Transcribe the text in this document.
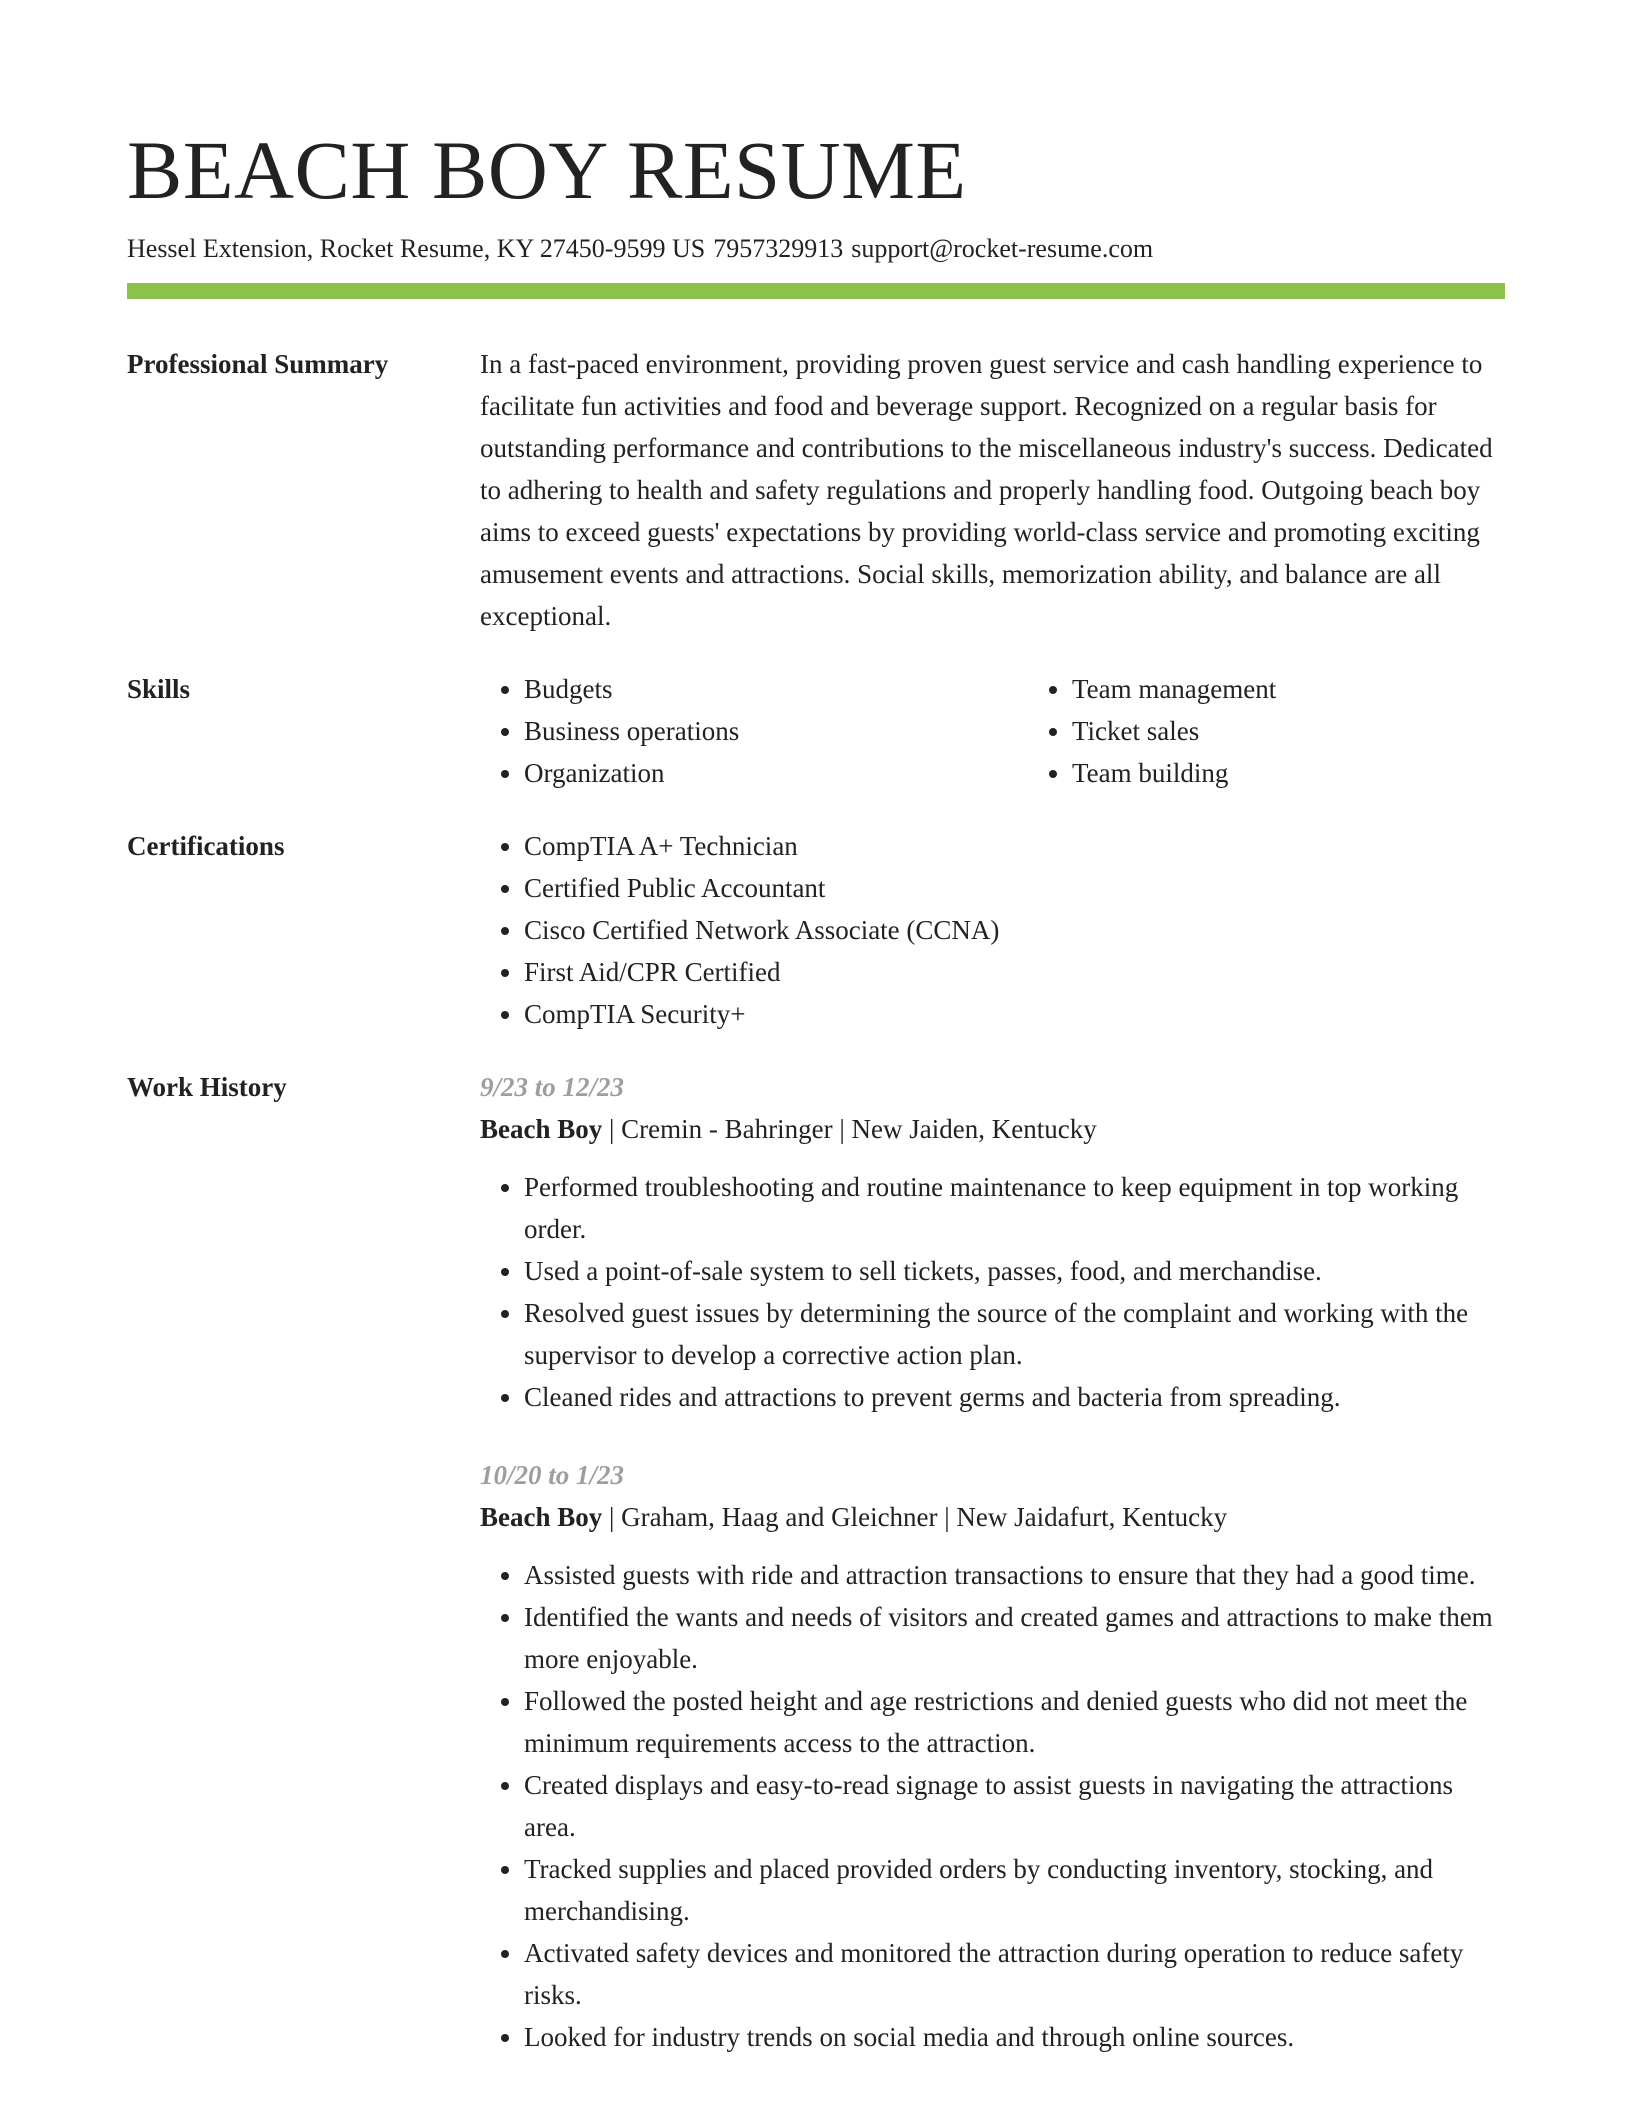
BEACH BOY RESUME
Hessel Extension, Rocket Resume, KY 27450-9599 US 7957329913 support@rocket-resume.com
Professional Summary	In a fast-paced environment, providing proven guest service and cash handling experience to facilitate fun activities and food and beverage support. Recognized on a regular basis for outstanding performance and contributions to the miscellaneous industry's success. Dedicated to adhering to health and safety regulations and properly handling food. Outgoing beach boy aims to exceed guests' expectations by providing world-class service and promoting exciting amusement events and attractions. Social skills, memorization ability, and balance are all exceptional.

Skills	• Budgets
• Business operations
• Organization
• Team management
• Ticket sales
• Team building
Certifications	• CompTIA A+ Technician
• Certified Public Accountant
• Cisco Certified Network Associate (CCNA)
• First Aid/CPR Certified
• CompTIA Security+
Work History	9/23 to 12/23
Beach Boy | Cremin - Bahringer | New Jaiden, Kentucky
• Performed troubleshooting and routine maintenance to keep equipment in top working order.
• Used a point-of-sale system to sell tickets, passes, food, and merchandise.
• Resolved guest issues by determining the source of the complaint and working with the supervisor to develop a corrective action plan.
• Cleaned rides and attractions to prevent germs and bacteria from spreading.
10/20 to 1/23
Beach Boy | Graham, Haag and Gleichner | New Jaidafurt, Kentucky
• Assisted guests with ride and attraction transactions to ensure that they had a good time.
• Identified the wants and needs of visitors and created games and attractions to make them more enjoyable.
• Followed the posted height and age restrictions and denied guests who did not meet the minimum requirements access to the attraction.
• Created displays and easy-to-read signage to assist guests in navigating the attractions area.
• Tracked supplies and placed provided orders by conducting inventory, stocking, and merchandising.
• Activated safety devices and monitored the attraction during operation to reduce safety risks.
• Looked for industry trends on social media and through online sources.
